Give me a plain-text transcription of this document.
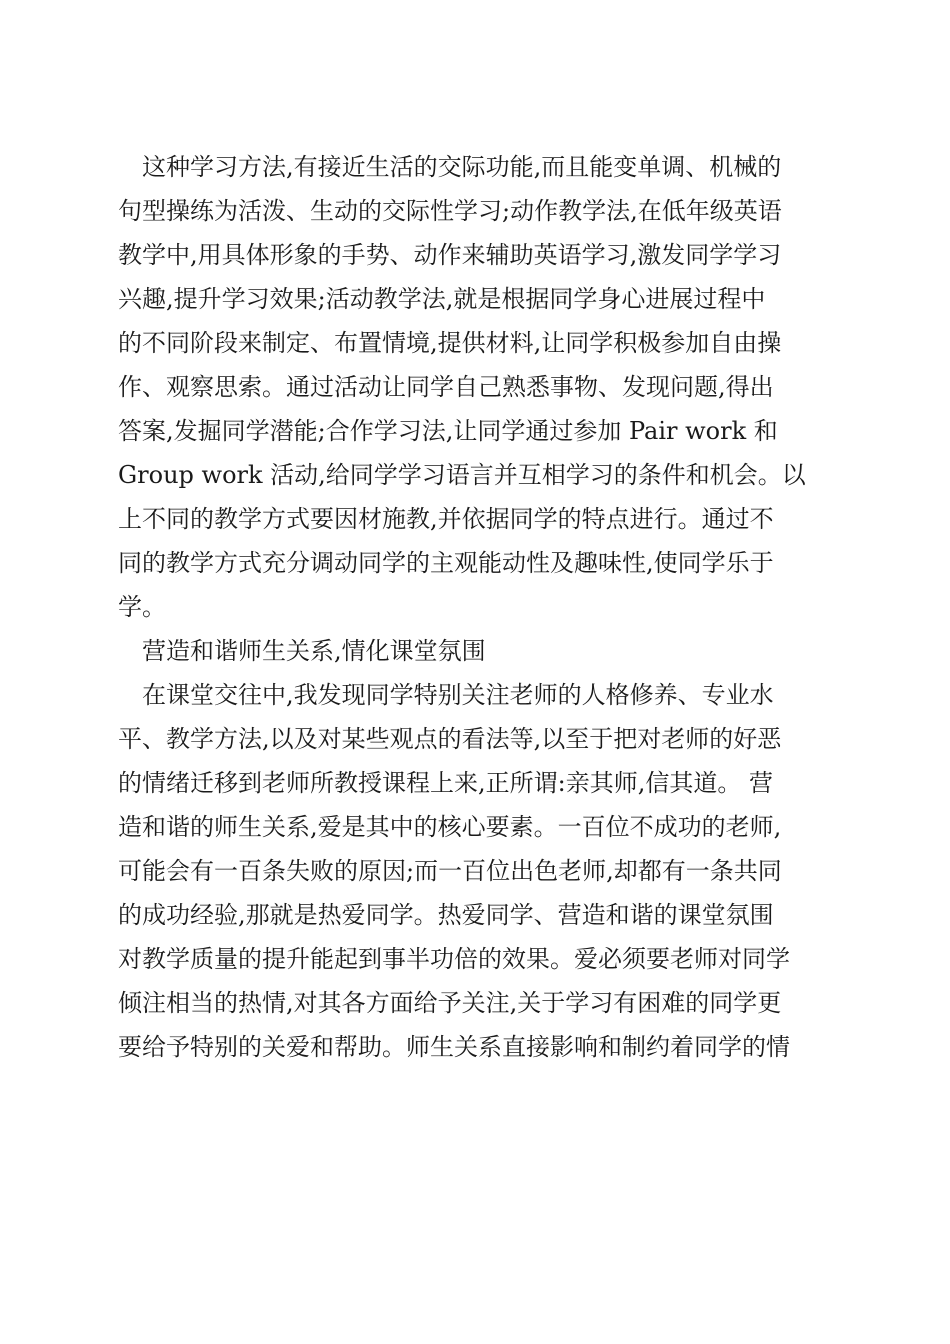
这种学习方法,有接近生活的交际功能,而且能变单调、机械的
句型操练为活泼、生动的交际性学习;动作教学法,在低年级英语
教学中,用具体形象的手势、动作来辅助英语学习,激发同学学习
兴趣,提升学习效果;活动教学法,就是根据同学身心进展过程中
的不同阶段来制定、布置情境,提供材料,让同学积极参加自由操
作、观察思索。通过活动让同学自己熟悉事物、发现问题,得出
答案,发掘同学潜能;合作学习法,让同学通过参加 Pair work 和
Group work 活动,给同学学习语言并互相学习的条件和机会。以
上不同的教学方式要因材施教,并依据同学的特点进行。通过不
同的教学方式充分调动同学的主观能动性及趣味性,使同学乐于
学。
营造和谐师生关系,情化课堂氛围
在课堂交往中,我发现同学特别关注老师的人格修养、专业水
平、教学方法,以及对某些观点的看法等,以至于把对老师的好恶
的情绪迁移到老师所教授课程上来,正所谓:亲其师,信其道。 营
造和谐的师生关系,爱是其中的核心要素。一百位不成功的老师,
可能会有一百条失败的原因;而一百位出色老师,却都有一条共同
的成功经验,那就是热爱同学。热爱同学、营造和谐的课堂氛围
对教学质量的提升能起到事半功倍的效果。爱必须要老师对同学
倾注相当的热情,对其各方面给予关注,关于学习有困难的同学更
要给予特别的关爱和帮助。师生关系直接影响和制约着同学的情
